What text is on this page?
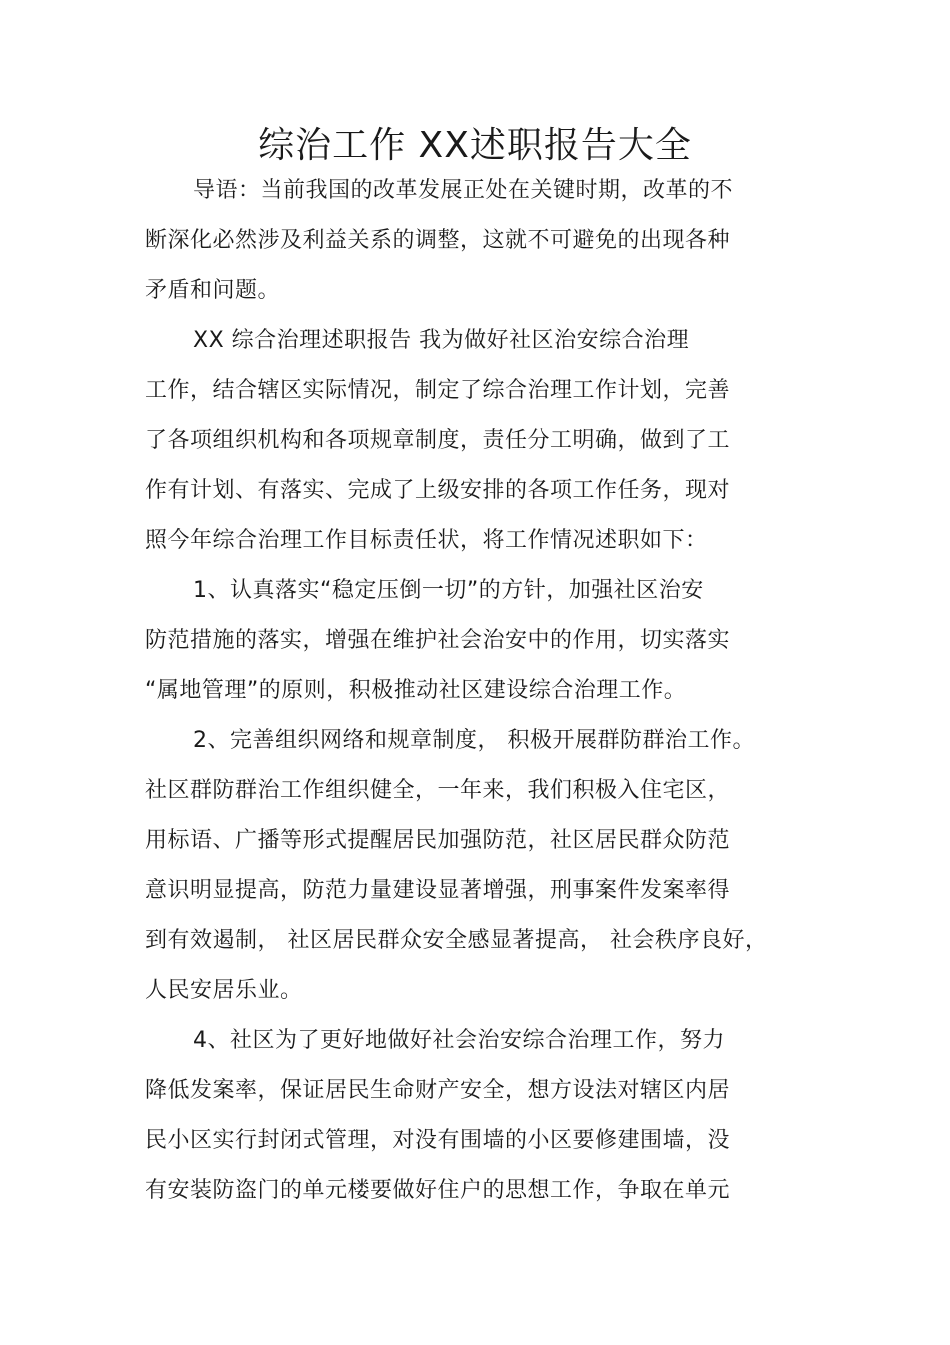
综治工作 XX述职报告大全
导语：当前我国的改革发展正处在关键时期，改革的不
断深化必然涉及利益关系的调整，这就不可避免的出现各种
矛盾和问题。
XX 综合治理述职报告 我为做好社区治安综合治理
工作，结合辖区实际情况，制定了综合治理工作计划，完善
了各项组织机构和各项规章制度，责任分工明确，做到了工
作有计划、有落实、完成了上级安排的各项工作任务，现对
照今年综合治理工作目标责任状，将工作情况述职如下：
1、认真落实“稳定压倒一切”的方针，加强社区治安
防范措施的落实，增强在维护社会治安中的作用，切实落实
“属地管理”的原则，积极推动社区建设综合治理工作。
2、完善组织网络和规章制度， 积极开展群防群治工作。
社区群防群治工作组织健全，一年来，我们积极入住宅区，
用标语、广播等形式提醒居民加强防范，社区居民群众防范
意识明显提高，防范力量建设显著增强，刑事案件发案率得
到有效遏制， 社区居民群众安全感显著提高， 社会秩序良好，
人民安居乐业。
4、社区为了更好地做好社会治安综合治理工作，努力
降低发案率，保证居民生命财产安全，想方设法对辖区内居
民小区实行封闭式管理，对没有围墙的小区要修建围墙，没
有安装防盗门的单元楼要做好住户的思想工作，争取在单元
